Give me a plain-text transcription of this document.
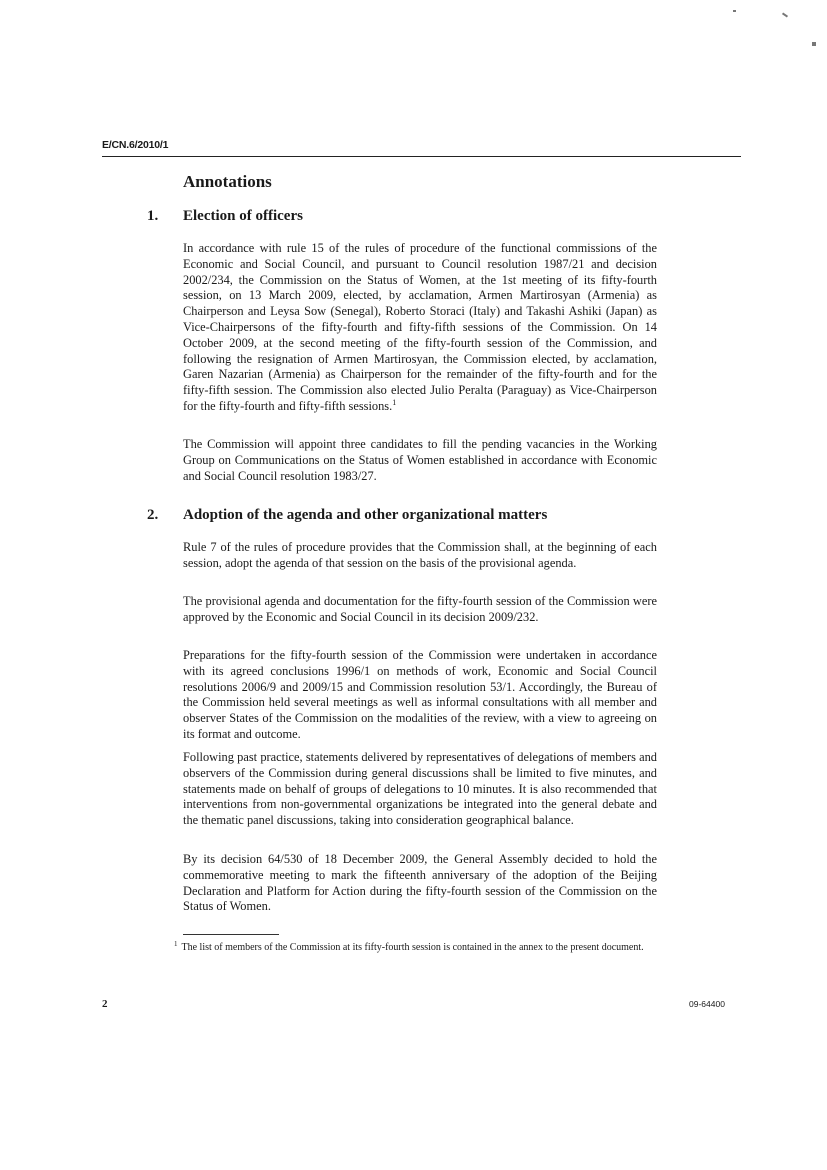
E/CN.6/2010/1
Annotations
1. Election of officers

In accordance with rule 15 of the rules of procedure of the functional commissions of the Economic and Social Council, and pursuant to Council resolution 1987/21 and decision 2002/234, the Commission on the Status of Women, at the 1st meeting of its fifty-fourth session, on 13 March 2009, elected, by acclamation, Armen Martirosyan (Armenia) as Chairperson and Leysa Sow (Senegal), Roberto Storaci (Italy) and Takashi Ashiki (Japan) as Vice-Chairpersons of the fifty-fourth and fifty-fifth sessions of the Commission. On 14 October 2009, at the second meeting of the fifty-fourth session of the Commission, and following the resignation of Armen Martirosyan, the Commission elected, by acclamation, Garen Nazarian (Armenia) as Chairperson for the remainder of the fifty-fourth and for the fifty-fifth session. The Commission also elected Julio Peralta (Paraguay) as Vice-Chairperson for the fifty-fourth and fifty-fifth sessions.$^1$

The Commission will appoint three candidates to fill the pending vacancies in the Working Group on Communications on the Status of Women established in accordance with Economic and Social Council resolution 1983/27.

2. Adoption of the agenda and other organizational matters

Rule 7 of the rules of procedure provides that the Commission shall, at the beginning of each session, adopt the agenda of that session on the basis of the provisional agenda.

The provisional agenda and documentation for the fifty-fourth session of the Commission were approved by the Economic and Social Council in its decision 2009/232.

Preparations for the fifty-fourth session of the Commission were undertaken in accordance with its agreed conclusions 1996/1 on methods of work, Economic and Social Council resolutions 2006/9 and 2009/15 and Commission resolution 53/1. Accordingly, the Bureau of the Commission held several meetings as well as informal consultations with all member and observer States of the Commission on the modalities of the review, with a view to agreeing on its format and outcome.

Following past practice, statements delivered by representatives of delegations of members and observers of the Commission during general discussions shall be limited to five minutes, and statements made on behalf of groups of delegations to 10 minutes. It is also recommended that interventions from non-governmental organizations be integrated into the general debate and the thematic panel discussions, taking into consideration geographical balance.

By its decision 64/530 of 18 December 2009, the General Assembly decided to hold the commemorative meeting to mark the fifteenth anniversary of the adoption of the Beijing Declaration and Platform for Action during the fifty-fourth session of the Commission on the Status of Women.

$^1$ The list of members of the Commission at its fifty-fourth session is contained in the annex to the present document.

2	09-64400
